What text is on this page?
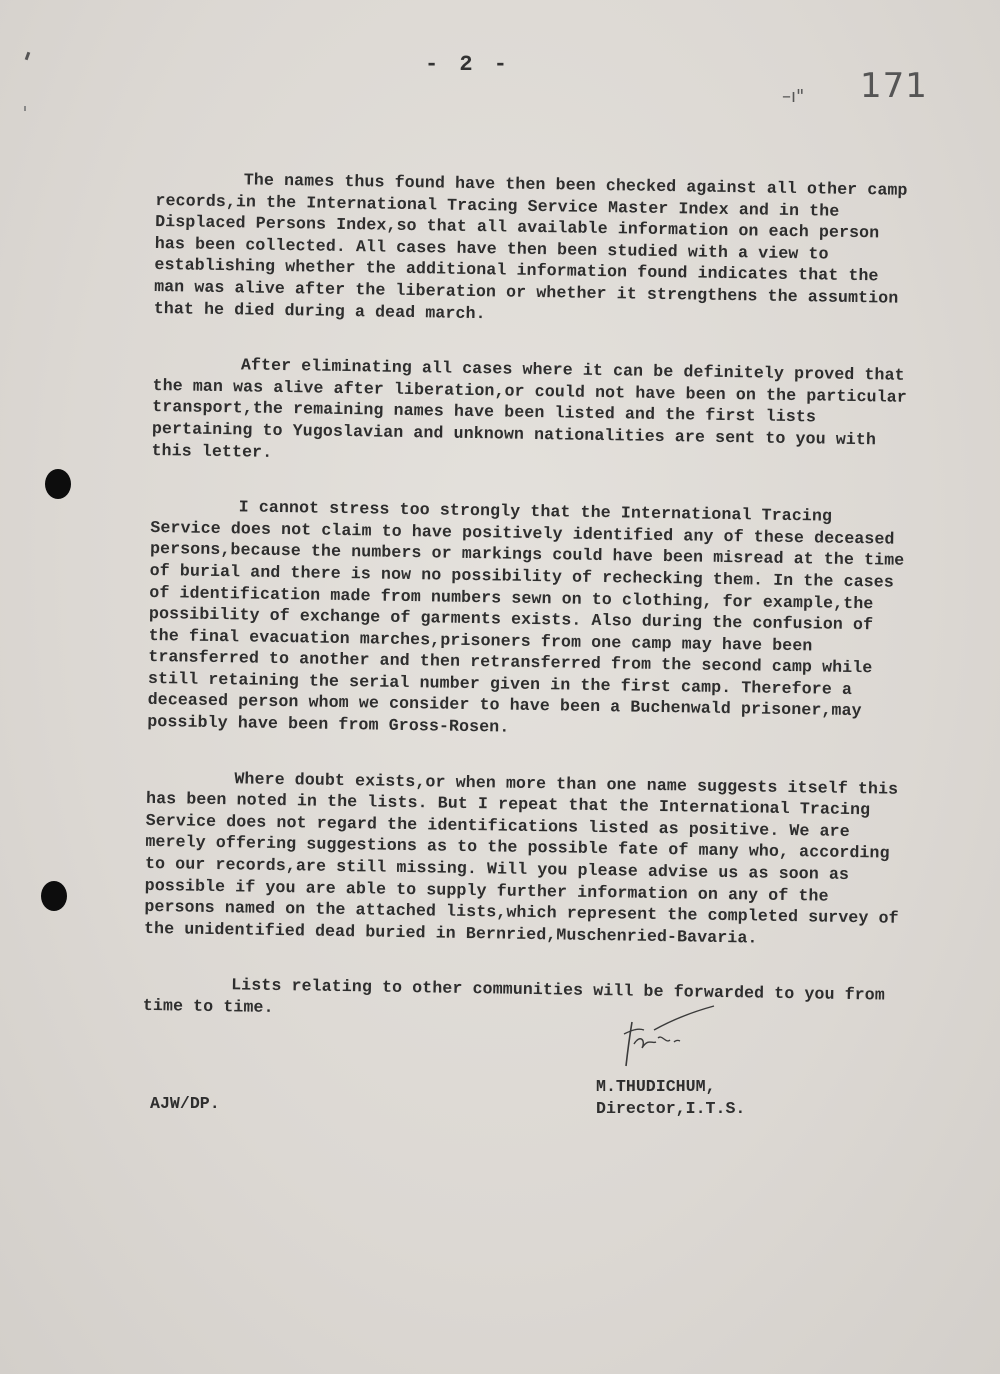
- 2 -
–ı" 171

The names thus found have then been checked against all other camp records,in the International Tracing Service Master Index and in the Displaced Persons Index,so that all available information on each person has been collected. All cases have then been studied with a view to establishing whether the additional information found indicates that the man was alive after the liberation or whether it strengthens the assumtion that he died during a dead march.

After eliminating all cases where it can be definitely proved that the man was alive after liberation,or could not have been on the particular transport,the remaining names have been listed and the first lists pertaining to Yugoslavian and unknown nationalities are sent to you with this letter.

I cannot stress too strongly that the International Tracing Service does not claim to have positively identified any of these deceased persons,because the numbers or markings could have been misread at the time of burial and there is now no possibility of rechecking them. In the cases of identification made from numbers sewn on to clothing, for example,the possibility of exchange of garments exists. Also during the confusion of the final evacuation marches,prisoners from one camp may have been transferred to another and then retransferred from the second camp while still retaining the serial number given in the first camp. Therefore a deceased person whom we consider to have been a Buchenwald prisoner,may possibly have been from Gross-Rosen.

Where doubt exists,or when more than one name suggests itself this has been noted in the lists. But I repeat that the International Tracing Service does not regard the identifications listed as positive. We are merely offering suggestions as to the possible fate of many who, according to our records,are still missing. Will you please advise us as soon as possible if you are able to supply further information on any of the persons named on the attached lists,which represent the completed survey of the unidentified dead buried in Bernried,Muschenried-Bavaria.

Lists relating to other communities will be forwarded to you from time to time.

M.THUDICHUM,
Director,I.T.S.
AJW/DP.
